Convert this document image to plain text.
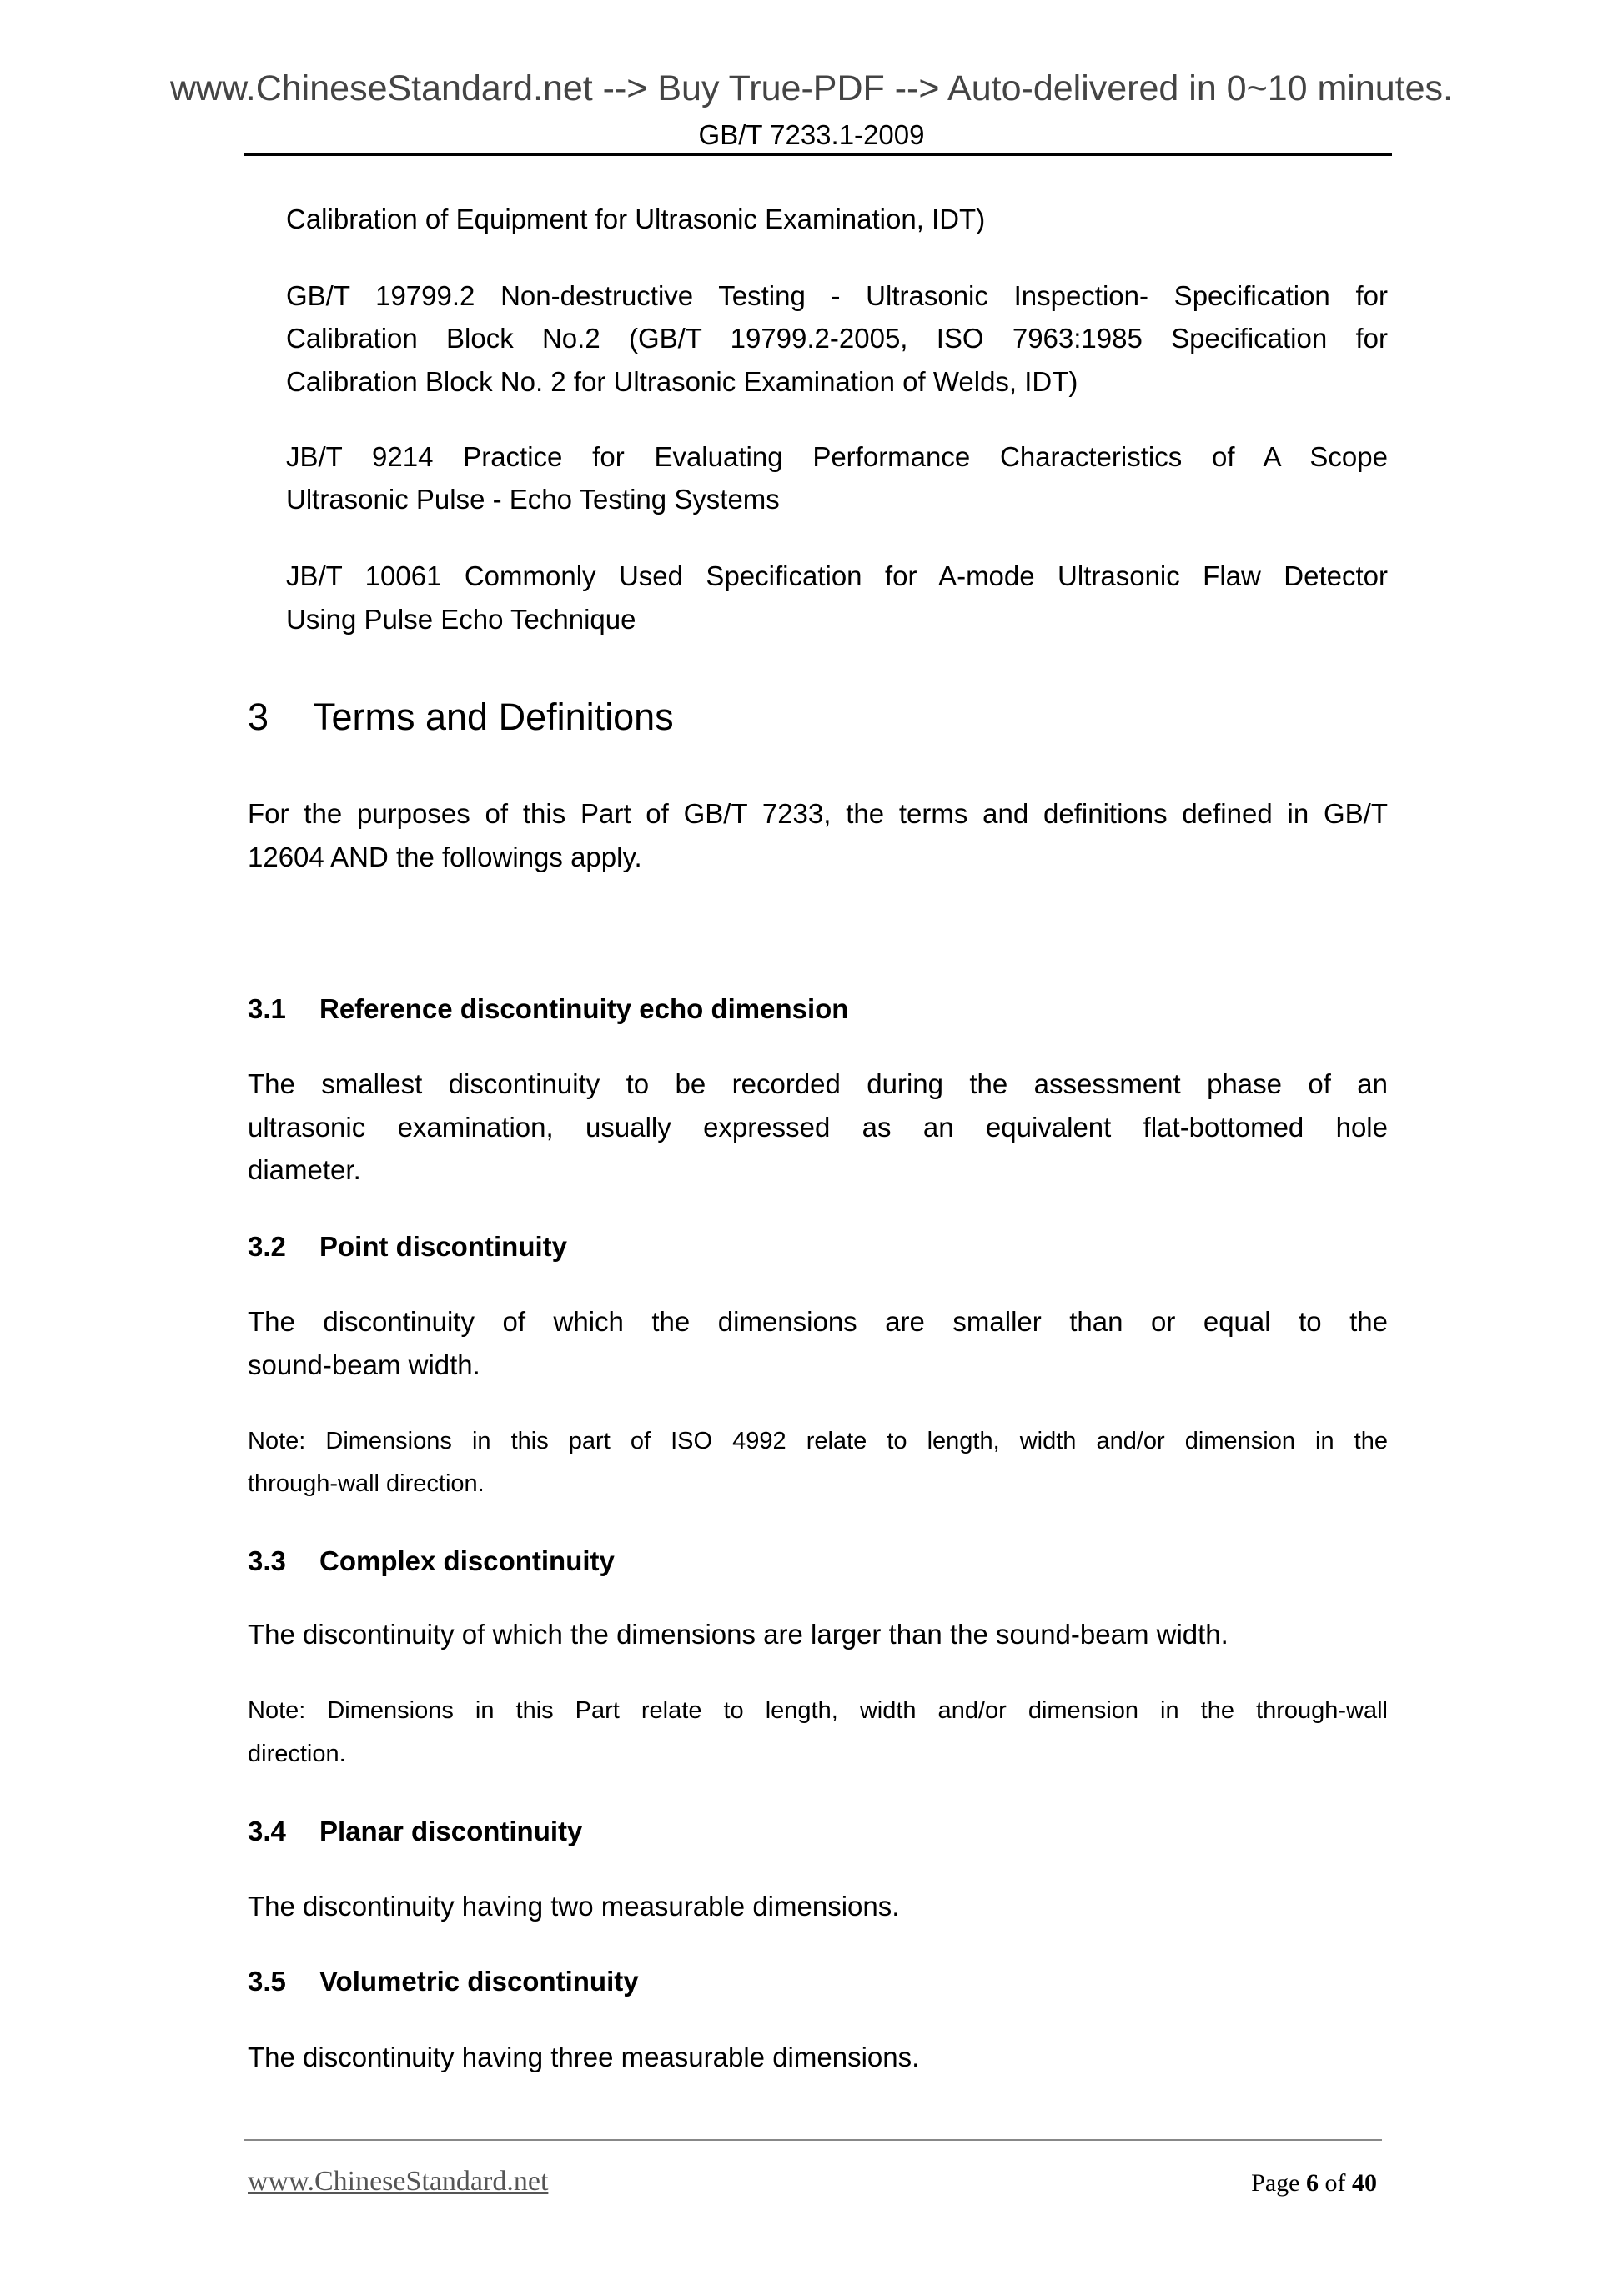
www.ChineseStandard.net --> Buy True-PDF --> Auto-delivered in 0~10 minutes.
GB/T 7233.1-2009
Calibration of Equipment for Ultrasonic Examination, IDT)
GB/T 19799.2 Non-destructive Testing - Ultrasonic Inspection- Specification for
Calibration Block No.2 (GB/T 19799.2-2005, ISO 7963:1985 Specification for
Calibration Block No. 2 for Ultrasonic Examination of Welds, IDT)
JB/T 9214 Practice for Evaluating Performance Characteristics of A Scope
Ultrasonic Pulse - Echo Testing Systems
JB/T 10061 Commonly Used Specification for A-mode Ultrasonic Flaw Detector
Using Pulse Echo Technique
3 Terms and Definitions
For the purposes of this Part of GB/T 7233, the terms and definitions defined in GB/T
12604 AND the followings apply.
3.1 Reference discontinuity echo dimension
The smallest discontinuity to be recorded during the assessment phase of an
ultrasonic examination, usually expressed as an equivalent flat-bottomed hole
diameter.
3.2 Point discontinuity
The discontinuity of which the dimensions are smaller than or equal to the
sound-beam width.
Note: Dimensions in this part of ISO 4992 relate to length, width and/or dimension in the
through-wall direction.
3.3 Complex discontinuity
The discontinuity of which the dimensions are larger than the sound-beam width.
Note: Dimensions in this Part relate to length, width and/or dimension in the through-wall
direction.
3.4 Planar discontinuity
The discontinuity having two measurable dimensions.
3.5 Volumetric discontinuity
The discontinuity having three measurable dimensions.
www.ChineseStandard.net	Page 6 of 40
